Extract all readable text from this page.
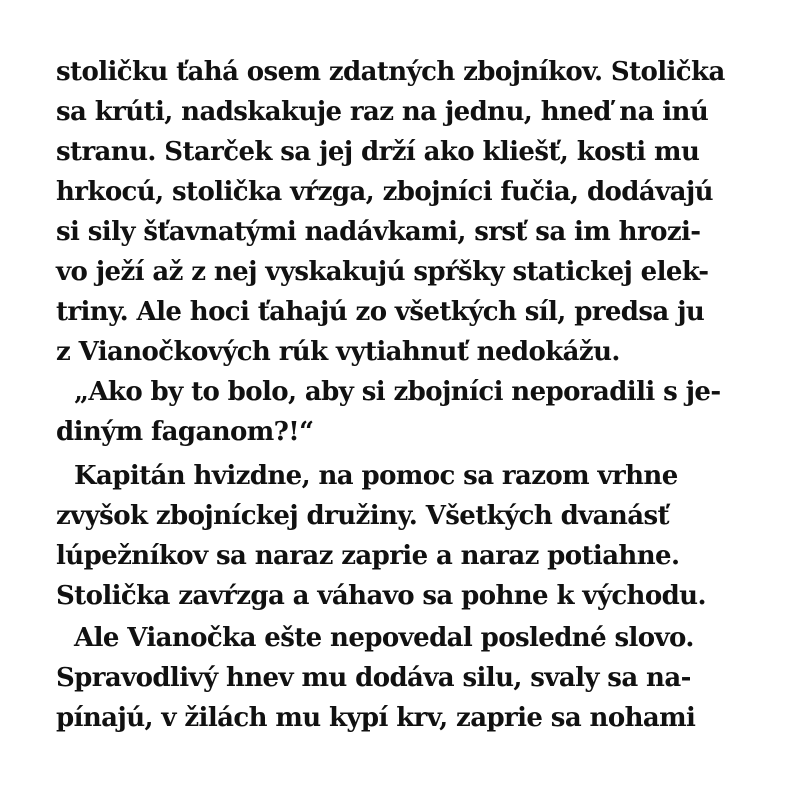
stoličku ťahá osem zdatných zbojníkov. Stolička
sa krúti, nadskakuje raz na jednu, hneď na inú
stranu. Starček sa jej drží ako kliešť, kosti mu
hrkocú, stolička vŕzga, zbojníci fučia, dodávajú
si sily šťavnatými nadávkami, srsť sa im hrozi-
vo ježí až z nej vyskakujú spŕšky statickej elek-
triny. Ale hoci ťahajú zo všetkých síl, predsa ju
z Vianočkových rúk vytiahnuť nedokážu.
„Ako by to bolo, aby si zbojníci neporadili s je-
diným faganom?!“
Kapitán hvizdne, na pomoc sa razom vrhne
zvyšok zbojníckej družiny. Všetkých dvanásť
lúpežníkov sa naraz zaprie a naraz potiahne.
Stolička zavŕzga a váhavo sa pohne k východu.
Ale Vianočka ešte nepovedal posledné slovo.
Spravodlivý hnev mu dodáva silu, svaly sa na-
pínajú, v žilách mu kypí krv, zaprie sa nohami
